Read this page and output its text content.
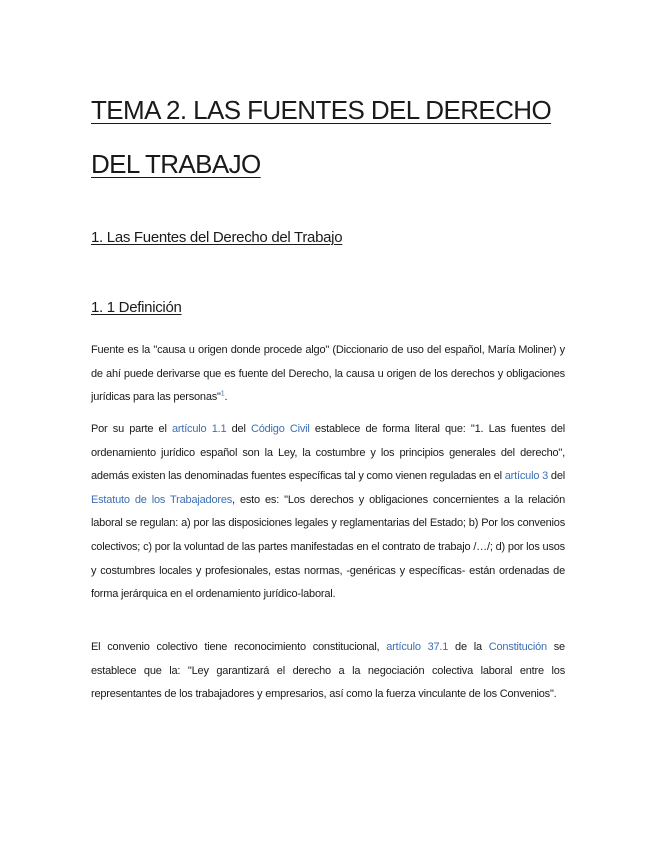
TEMA 2. LAS FUENTES DEL DERECHO DEL TRABAJO
1. Las Fuentes del Derecho del Trabajo
1. 1 Definición

Fuente es la "causa u origen donde procede algo" (Diccionario de uso del español, María Moliner) y de ahí puede derivarse que es fuente del Derecho, la causa u origen de los derechos y obligaciones jurídicas para las personas"$^1$.

Por su parte el artículo 1.1 del Código Civil establece de forma literal que: "1. Las fuentes del ordenamiento jurídico español son la Ley, la costumbre y los principios generales del derecho", además existen las denominadas fuentes específicas tal y como vienen reguladas en el artículo 3 del Estatuto de los Trabajadores, esto es: "Los derechos y obligaciones concernientes a la relación laboral se regulan: a) por las disposiciones legales y reglamentarias del Estado; b) Por los convenios colectivos; c) por la voluntad de las partes manifestadas en el contrato de trabajo /…/; d) por los usos y costumbres locales y profesionales, estas normas, -genéricas y específicas- están ordenadas de forma jerárquica en el ordenamiento jurídico-laboral.

El convenio colectivo tiene reconocimiento constitucional, artículo 37.1 de la Constitución se establece que la: "Ley garantizará el derecho a la negociación colectiva laboral entre los representantes de los trabajadores y empresarios, así como la fuerza vinculante de los Convenios".
